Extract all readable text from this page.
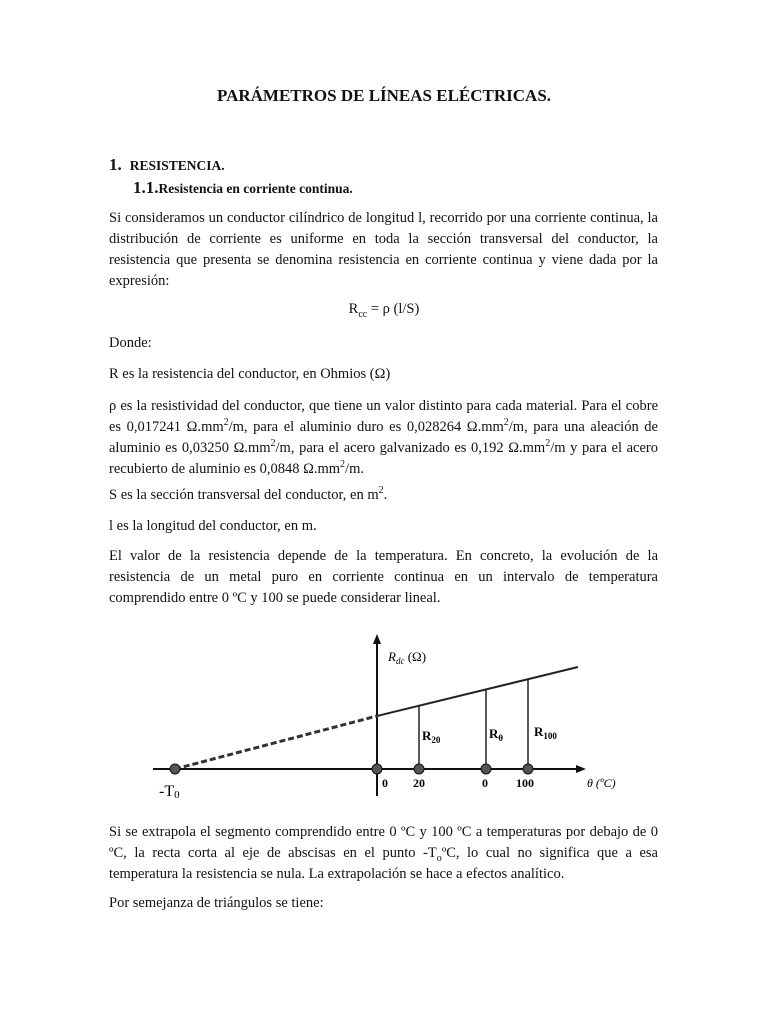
PARÁMETROS DE LÍNEAS ELÉCTRICAS.
1. RESISTENCIA.
1.1.Resistencia en corriente continua.
Si consideramos un conductor cilíndrico de longitud l, recorrido por una corriente continua, la distribución de corriente es uniforme en toda la sección transversal del conductor, la resistencia que presenta se denomina resistencia en corriente continua y viene dada por la expresión:
$R_{cc} = \rho$ (l/S)
Donde:
R es la resistencia del conductor, en Ohmios (Ω)
ρ es la resistividad del conductor, que tiene un valor distinto para cada material. Para el cobre es 0,017241 $\Omega.mm^2/m$, para el aluminio duro es 0,028264 $\Omega.mm^2/m$, para una aleación de aluminio es 0,03250 $\Omega.mm^2/m$, para el acero galvanizado es 0,192 $\Omega.mm^2/m$ y para el acero recubierto de aluminio es 0,0848 $\Omega.mm^2/m$.
S es la sección transversal del conductor, en $m^2$.
l es la longitud del conductor, en m.
El valor de la resistencia depende de la temperatura. En concreto, la evolución de la resistencia de un metal puro en corriente continua en un intervalo de temperatura comprendido entre 0 ºC y 100 se puede considerar lineal.
$R_{dc}$ (Ω)
$R_{20}$	$R_\theta$ $R_{100}$
0 20	0 100
-T0
θ (ºC)
Si se extrapola el segmento comprendido entre 0 ºC y 100 ºC a temperaturas por debajo de 0 ºC, la recta corta al eje de abscisas en el punto $-T_oºC$, lo cual no significa que a esa temperatura la resistencia se nula. La extrapolación se hace a efectos analítico.
Por semejanza de triángulos se tiene:
